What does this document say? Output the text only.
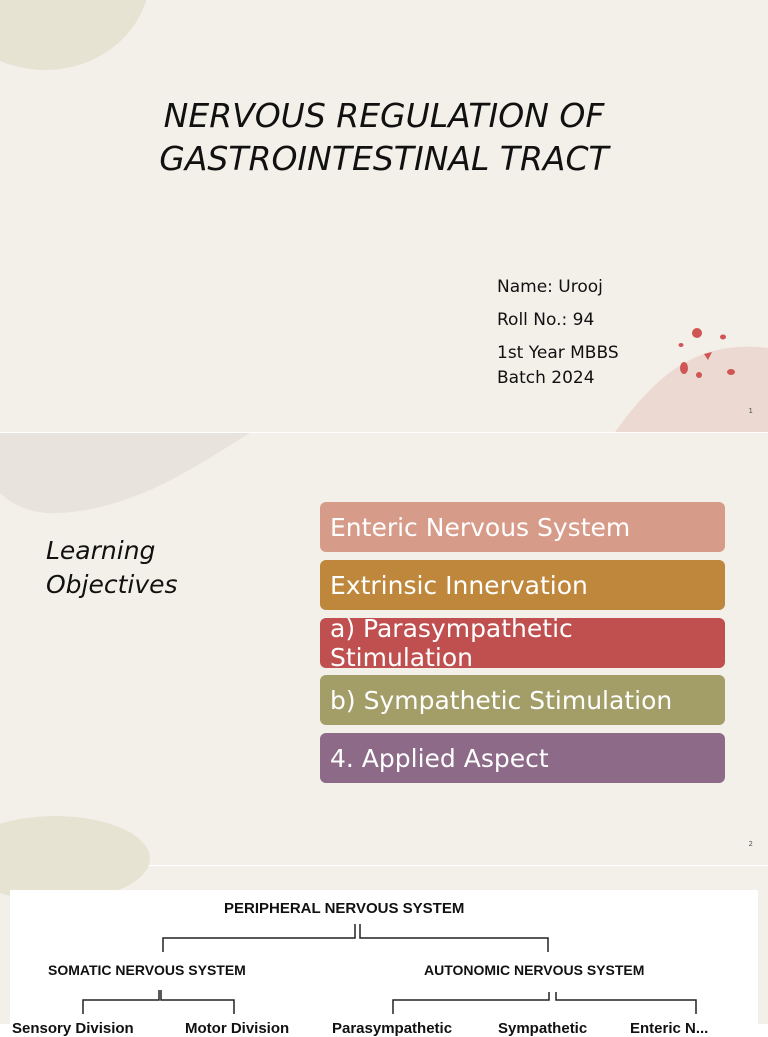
NERVOUS REGULATION OF
GASTROINTESTINAL TRACT
Name: Urooj
Roll No.: 94
1st Year MBBS
Batch 2024
1
Learning
Objectives
Enteric Nervous System
Extrinsic Innervation
a) Parasympathetic Stimulation
b) Sympathetic Stimulation
4. Applied Aspect
2
PERIPHERAL NERVOUS SYSTEM
SOMATIC NERVOUS SYSTEM	AUTONOMIC NERVOUS SYSTEM
Sensory Division	Motor Division	Parasympathetic	Sympathetic	Enteric N...
